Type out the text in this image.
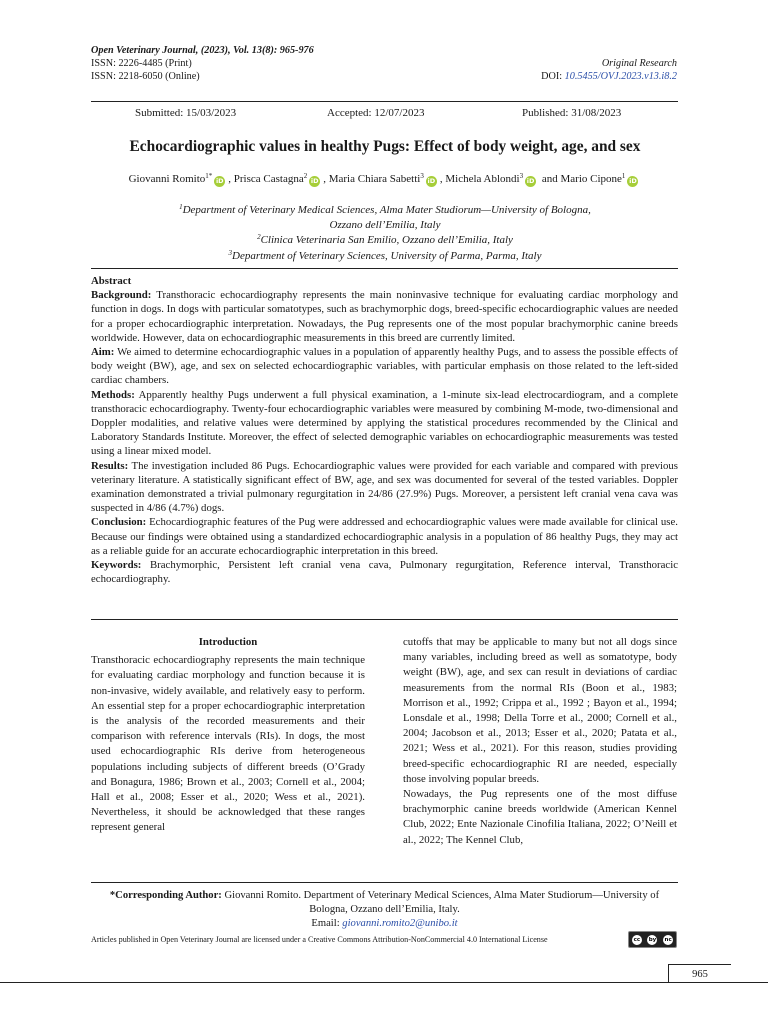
Open Veterinary Journal, (2023), Vol. 13(8): 965-976
ISSN: 2226-4485 (Print)
ISSN: 2218-6050 (Online)
Original Research
DOI: 10.5455/OVJ.2023.v13.i8.2
Submitted: 15/03/2023	Accepted: 12/07/2023	Published: 31/08/2023
Echocardiographic values in healthy Pugs: Effect of body weight, age, and sex
Giovanni Romito$^{1*}$iD , Prisca Castagna$^2$iD , Maria Chiara Sabetti$^3$iD , Michela Ablondi$^3$iD and Mario Cipone$^1$iD
$^1$Department of Veterinary Medical Sciences, Alma Mater Studiorum—University of Bologna,
Ozzano dell’Emilia, Italy
$^2$Clinica Veterinaria San Emilio, Ozzano dell’Emilia, Italy
$^3$Department of Veterinary Sciences, University of Parma, Parma, Italy

Abstract

Background: Transthoracic echocardiography represents the main noninvasive technique for evaluating cardiac morphology and function in dogs. In dogs with particular somatotypes, such as brachymorphic dogs, breed-specific echocardiographic values are needed for a proper echocardiographic interpretation. Nowadays, the Pug represents one of the most popular brachymorphic canine breeds worldwide. However, data on echocardiographic measurements in this breed are currently limited.

Aim: We aimed to determine echocardiographic values in a population of apparently healthy Pugs, and to assess the possible effects of body weight (BW), age, and sex on selected echocardiographic variables, with particular emphasis on those related to the left-sided cardiac chambers.

Methods: Apparently healthy Pugs underwent a full physical examination, a 1-minute six-lead electrocardiogram, and a complete transthoracic echocardiography. Twenty-four echocardiographic variables were measured by combining M-mode, two-dimensional and Doppler modalities, and relative values were determined by applying the statistical procedures recommended by the Clinical and Laboratory Standards Institute. Moreover, the effect of selected demographic variables on echocardiographic measurements was tested using a linear mixed model.

Results: The investigation included 86 Pugs. Echocardiographic values were provided for each variable and compared with previous veterinary literature. A statistically significant effect of BW, age, and sex was documented for several of the tested variables. Doppler examination demonstrated a trivial pulmonary regurgitation in 24/86 (27.9%) Pugs. Moreover, a persistent left cranial vena cava was suspected in 4/86 (4.7%) dogs.

Conclusion: Echocardiographic features of the Pug were addressed and echocardiographic values were made available for clinical use. Because our findings were obtained using a standardized echocardiographic analysis in a population of 86 healthy Pugs, they may act as a reliable guide for an accurate echocardiographic interpretation in this breed.

Keywords: Brachymorphic, Persistent left cranial vena cava, Pulmonary regurgitation, Reference interval, Transthoracic echocardiography.

Introduction

Transthoracic echocardiography represents the main technique for evaluating cardiac morphology and function because it is non-invasive, widely available, and relatively easy to perform. An essential step for a proper echocardiographic interpretation is the analysis of the recorded measurements and their comparison with reference intervals (RIs). In dogs, the most used echocardiographic RIs derive from heterogeneous populations including subjects of different breeds (O’Grady and Bonagura, 1986; Brown et al., 2003; Cornell et al., 2004; Hall et al., 2008; Esser et al., 2020; Wess et al., 2021). Nevertheless, it should be acknowledged that these ranges represent general

cutoffs that may be applicable to many but not all dogs since many variables, including breed as well as somatotype, body weight (BW), age, and sex can result in deviations of cardiac measurements from the normal RIs (Boon et al., 1983; Morrison et al., 1992; Crippa et al., 1992 ; Bayon et al., 1994; Lonsdale et al., 1998; Della Torre et al., 2000; Cornell et al., 2004; Jacobson et al., 2013; Esser et al., 2020; Patata et al., 2021; Wess et al., 2021). For this reason, studies providing breed-specific echocardiographic RI are needed, especially those involving popular breeds.

Nowadays, the Pug represents one of the most diffuse brachymorphic canine breeds worldwide (American Kennel Club, 2022; Ente Nazionale Cinofilia Italiana, 2022; O’Neill et al., 2022; The Kennel Club,

*Corresponding Author: Giovanni Romito. Department of Veterinary Medical Sciences, Alma Mater Studiorum—University of Bologna, Ozzano dell’Emilia, Italy.
Email: giovanni.romito2@unibo.it
Articles published in Open Veterinary Journal are licensed under a Creative Commons Attribution-NonCommercial 4.0 International License	cc	by nc
965
